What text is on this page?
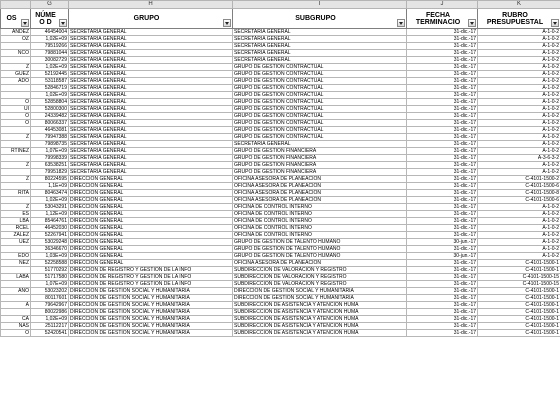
	G	H	I	J	K
OS	NÚME
O D	GRUPO	SUBGRUPO	FECHA
TERMINACIO	RUBRO
PRESUPUESTAL

ANDEZ	46454004	SECRETARIA GENERAL	SECRETARIA GENERAL	31-dic.-17	A-1-0-2
OZ	1,02E+09	SECRETARIA GENERAL	SECRETARIA GENERAL	31-dic.-17	A-1-0-2
	79519266	SECRETARIA GENERAL	SECRETARIA GENERAL	31-dic.-17	A-1-0-2
NCO	79881044	SECRETARIA GENERAL	SECRETARIA GENERAL	31-dic.-17	A-1-0-2
	30082729	SECRETARIA GENERAL	SECRETARIA GENERAL	31-dic.-17	A-1-0-2
Z	1,02E+09	SECRETARIA GENERAL	GRUPO DE GESTION CONTRACTUAL	31-dic.-17	A-1-0-2
GUEZ	52192445	SECRETARIA GENERAL	GRUPO DE GESTION CONTRACTUAL	31-dic.-17	A-1-0-2
ADO	53118587	SECRETARIA GENERAL	GRUPO DE GESTION CONTRACTUAL	31-dic.-17	A-1-0-2
	52846719	SECRETARIA GENERAL	GRUPO DE GESTION CONTRACTUAL	31-dic.-17	A-1-0-2
	1,02E+09	SECRETARIA GENERAL	GRUPO DE GESTION CONTRACTUAL	31-dic.-17	A-1-0-2
O	52858804	SECRETARIA GENERAL	GRUPO DE GESTION CONTRACTUAL	31-dic.-17	A-1-0-2
UI	52800300	SECRETARIA GENERAL	GRUPO DE GESTION CONTRACTUAL	31-dic.-17	A-1-0-2
O	24339482	SECRETARIA GENERAL	GRUPO DE GESTION CONTRACTUAL	31-dic.-17	A-1-0-2
O	80066337	SECRETARIA GENERAL	GRUPO DE GESTION CONTRACTUAL	31-dic.-17	A-1-0-2
	46453081	SECRETARIA GENERAL	GRUPO DE GESTION CONTRACTUAL	31-dic.-17	A-1-0-2
Z	79947388	SECRETARIA GENERAL	GRUPO DE GESTION CONTRACTUAL	31-dic.-17	A-1-0-2
	79898735	SECRETARIA GENERAL	SECRETARIA GENERAL	31-dic.-17	A-1-0-2
RTINEZ	1,07E+09	SECRETARIA GENERAL	GRUPO DE GESTION FINANCIERA	31-dic.-17	A-1-0-2
	79998339	SECRETARIA GENERAL	GRUPO DE GESTION FINANCIERA	31-dic.-17	A-3-6-3-2
Z	63538251	SECRETARIA GENERAL	GRUPO DE GESTION FINANCIERA	31-dic.-17	A-1-0-2
	79951829	SECRETARIA GENERAL	GRUPO DE GESTION FINANCIERA	31-dic.-17	A-1-0-2
Z	80224595	DIRECCION GENERAL	OFICINA ASESORA DE PLANEACION	31-dic.-17	C-4101-1500-2
	1,1E+09	DIRECCION GENERAL	OFICINA ASESORA DE PLANEACION	31-dic.-17	C-4101-1500-6
RITA	80463474	DIRECCION GENERAL	OFICINA ASESORA DE PLANEACION	31-dic.-17	C-4101-1500-8
	1,02E+09	DIRECCION GENERAL	OFICINA ASESORA DE PLANEACION	31-dic.-17	C-4101-1500-6
Z	53043291	DIRECCION GENERAL	OFICINA DE CONTROL INTERNO	31-dic.-17	A-1-0-2
ES	1,12E+09	DIRECCION GENERAL	OFICINA DE CONTROL INTERNO	31-dic.-17	A-1-0-2
LBA	85464761	DIRECCION GENERAL	OFICINA DE CONTROL INTERNO	31-dic.-17	A-1-0-2
RCEL	46452030	DIRECCION GENERAL	OFICINA DE CONTROL INTERNO	31-dic.-17	A-1-0-2
ZALEZ	52267941	DIRECCION GENERAL	OFICINA DE CONTROL INTERNO	31-dic.-17	A-1-0-2
UEZ	53029248	DIRECCION GENERAL	GRUPO DE GESTION DE TALENTO HUMANO	30-jun.-17	A-1-0-2
	36346670	DIRECCION GENERAL	GRUPO DE GESTION DE TALENTO HUMANO	31-dic.-17	A-1-0-2
EDO	1,03E+09	DIRECCION GENERAL	GRUPO DE GESTION DE TALENTO HUMANO	30-jun.-17	A-1-0-2
NEZ	52258588	DIRECCION GENERAL	OFICINA ASESORA DE PLANEACION	31-dic.-17	C-4101-1500-1
	51770292	DIRECCION DE REGISTRO Y GESTION DE LA INFO	SUBDIRECCION DE VALORACION Y REGISTRO	31-dic.-17	C-4101-1500-1
LABA	51717580	DIRECCION DE REGISTRO Y GESTION DE LA INFO	SUBDIRECCION DE VALORACION Y REGISTRO	31-dic.-17	C-4101-1500-15
	1,07E+09	DIRECCION DE REGISTRO Y GESTION DE LA INFO	SUBDIRECCION DE VALORACION Y REGISTRO	31-dic.-17	C-4101-1500-15
ANO	53023202	DIRECCION DE GESTION SOCIAL Y HUMANITARIA	DIRECCION DE GESTION SOCIAL Y HUMANITARIA	31-dic.-17	C-4101-1500-1
	80117601	DIRECCION DE GESTION SOCIAL Y HUMANITARIA	DIRECCION DE GESTION SOCIAL Y HUMANITARIA	31-dic.-17	C-4101-1500-1
A	79642967	DIRECCION DE GESTION SOCIAL Y HUMANITARIA	SUBDIRECCION DE ASISTENCIA Y ATENCION HUMA	31-dic.-17	C-4101-1500-1
	80022986	DIRECCION DE GESTION SOCIAL Y HUMANITARIA	SUBDIRECCION DE ASISTENCIA Y ATENCION HUMA	31-dic.-17	C-4101-1500-1
CA	1,02E+09	DIRECCION DE GESTION SOCIAL Y HUMANITARIA	SUBDIRECCION DE ASISTENCIA Y ATENCION HUMA	31-dic.-17	C-4101-1500-1
NAS	25112217	DIRECCION DE GESTION SOCIAL Y HUMANITARIA	SUBDIRECCION DE ASISTENCIA Y ATENCION HUMA	31-dic.-17	C-4101-1500-1
O	52420541	DIRECCION DE GESTION SOCIAL Y HUMANITARIA	SUBDIRECCION DE ASISTENCIA Y ATENCION HUMA	31-dic.-17	C-4101-1500-1
